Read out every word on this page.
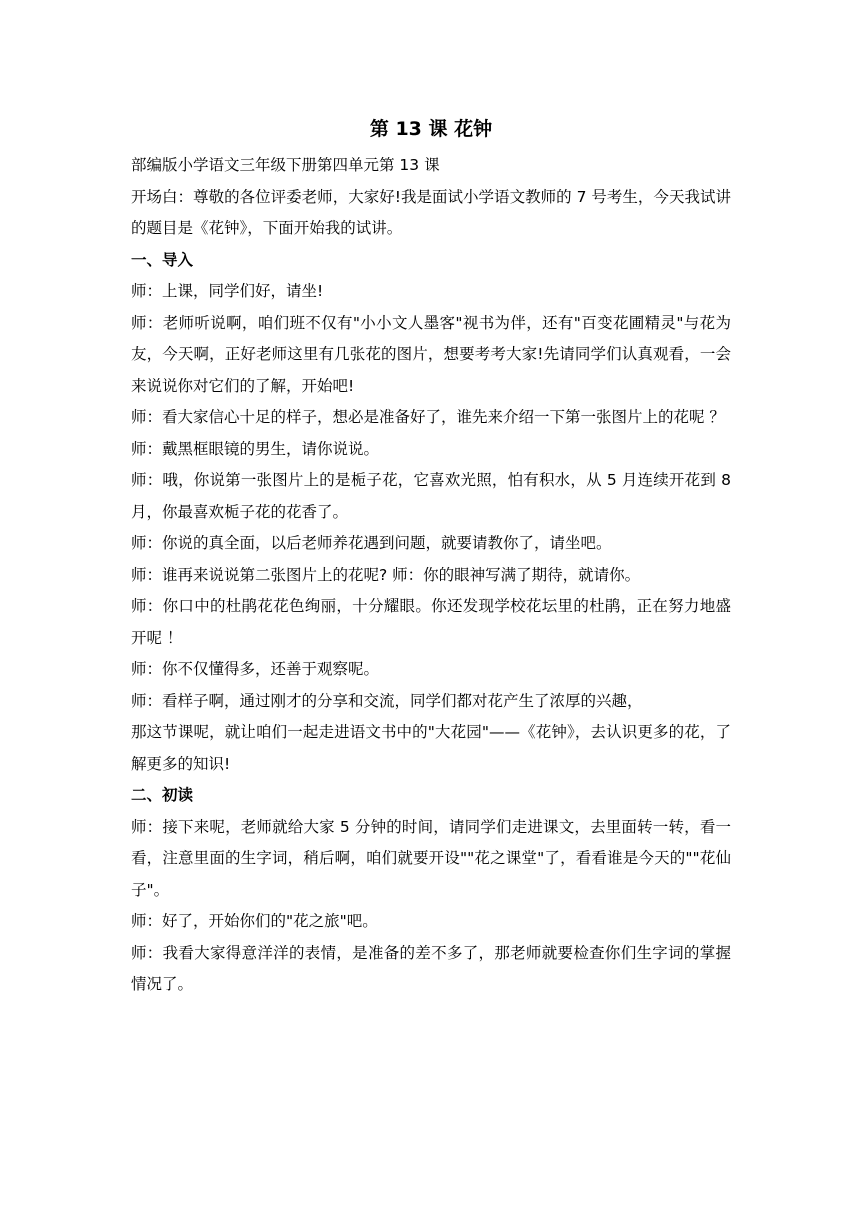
第 13 课 花钟

部编版小学语文三年级下册第四单元第 13 课

开场白：尊敬的各位评委老师，大家好!我是面试小学语文教师的 7 号考生，今天我试讲的题目是《花钟》，下面开始我的试讲。

一、导入

师：上课，同学们好，请坐!

师：老师听说啊，咱们班不仅有"小小文人墨客"视书为伴，还有"百变花圃精灵"与花为友，今天啊，正好老师这里有几张花的图片，想要考考大家!先请同学们认真观看，一会来说说你对它们的了解，开始吧!

师：看大家信心十足的样子，想必是准备好了，谁先来介绍一下第一张图片上的花呢 ？

师：戴黑框眼镜的男生，请你说说。

师：哦，你说第一张图片上的是栀子花，它喜欢光照，怕有积水，从 5 月连续开花到 8 月，你最喜欢栀子花的花香了。

师：你说的真全面，以后老师养花遇到问题，就要请教你了，请坐吧。

师：谁再来说说第二张图片上的花呢? 师：你的眼神写满了期待，就请你。

师：你口中的杜鹃花花色绚丽，十分耀眼。你还发现学校花坛里的杜鹃，正在努力地盛开呢 ！

师：你不仅懂得多，还善于观察呢。

师：看样子啊，通过刚才的分享和交流，同学们都对花产生了浓厚的兴趣，

那这节课呢，就让咱们一起走进语文书中的"大花园"——《花钟》，去认识更多的花，了解更多的知识!

二、初读

师：接下来呢，老师就给大家 5 分钟的时间，请同学们走进课文，去里面转一转，看一看，注意里面的生字词，稍后啊，咱们就要开设""花之课堂"了，看看谁是今天的""花仙子"。

师：好了，开始你们的"花之旅"吧。

师：我看大家得意洋洋的表情，是准备的差不多了，那老师就要检查你们生字词的掌握情况了。
